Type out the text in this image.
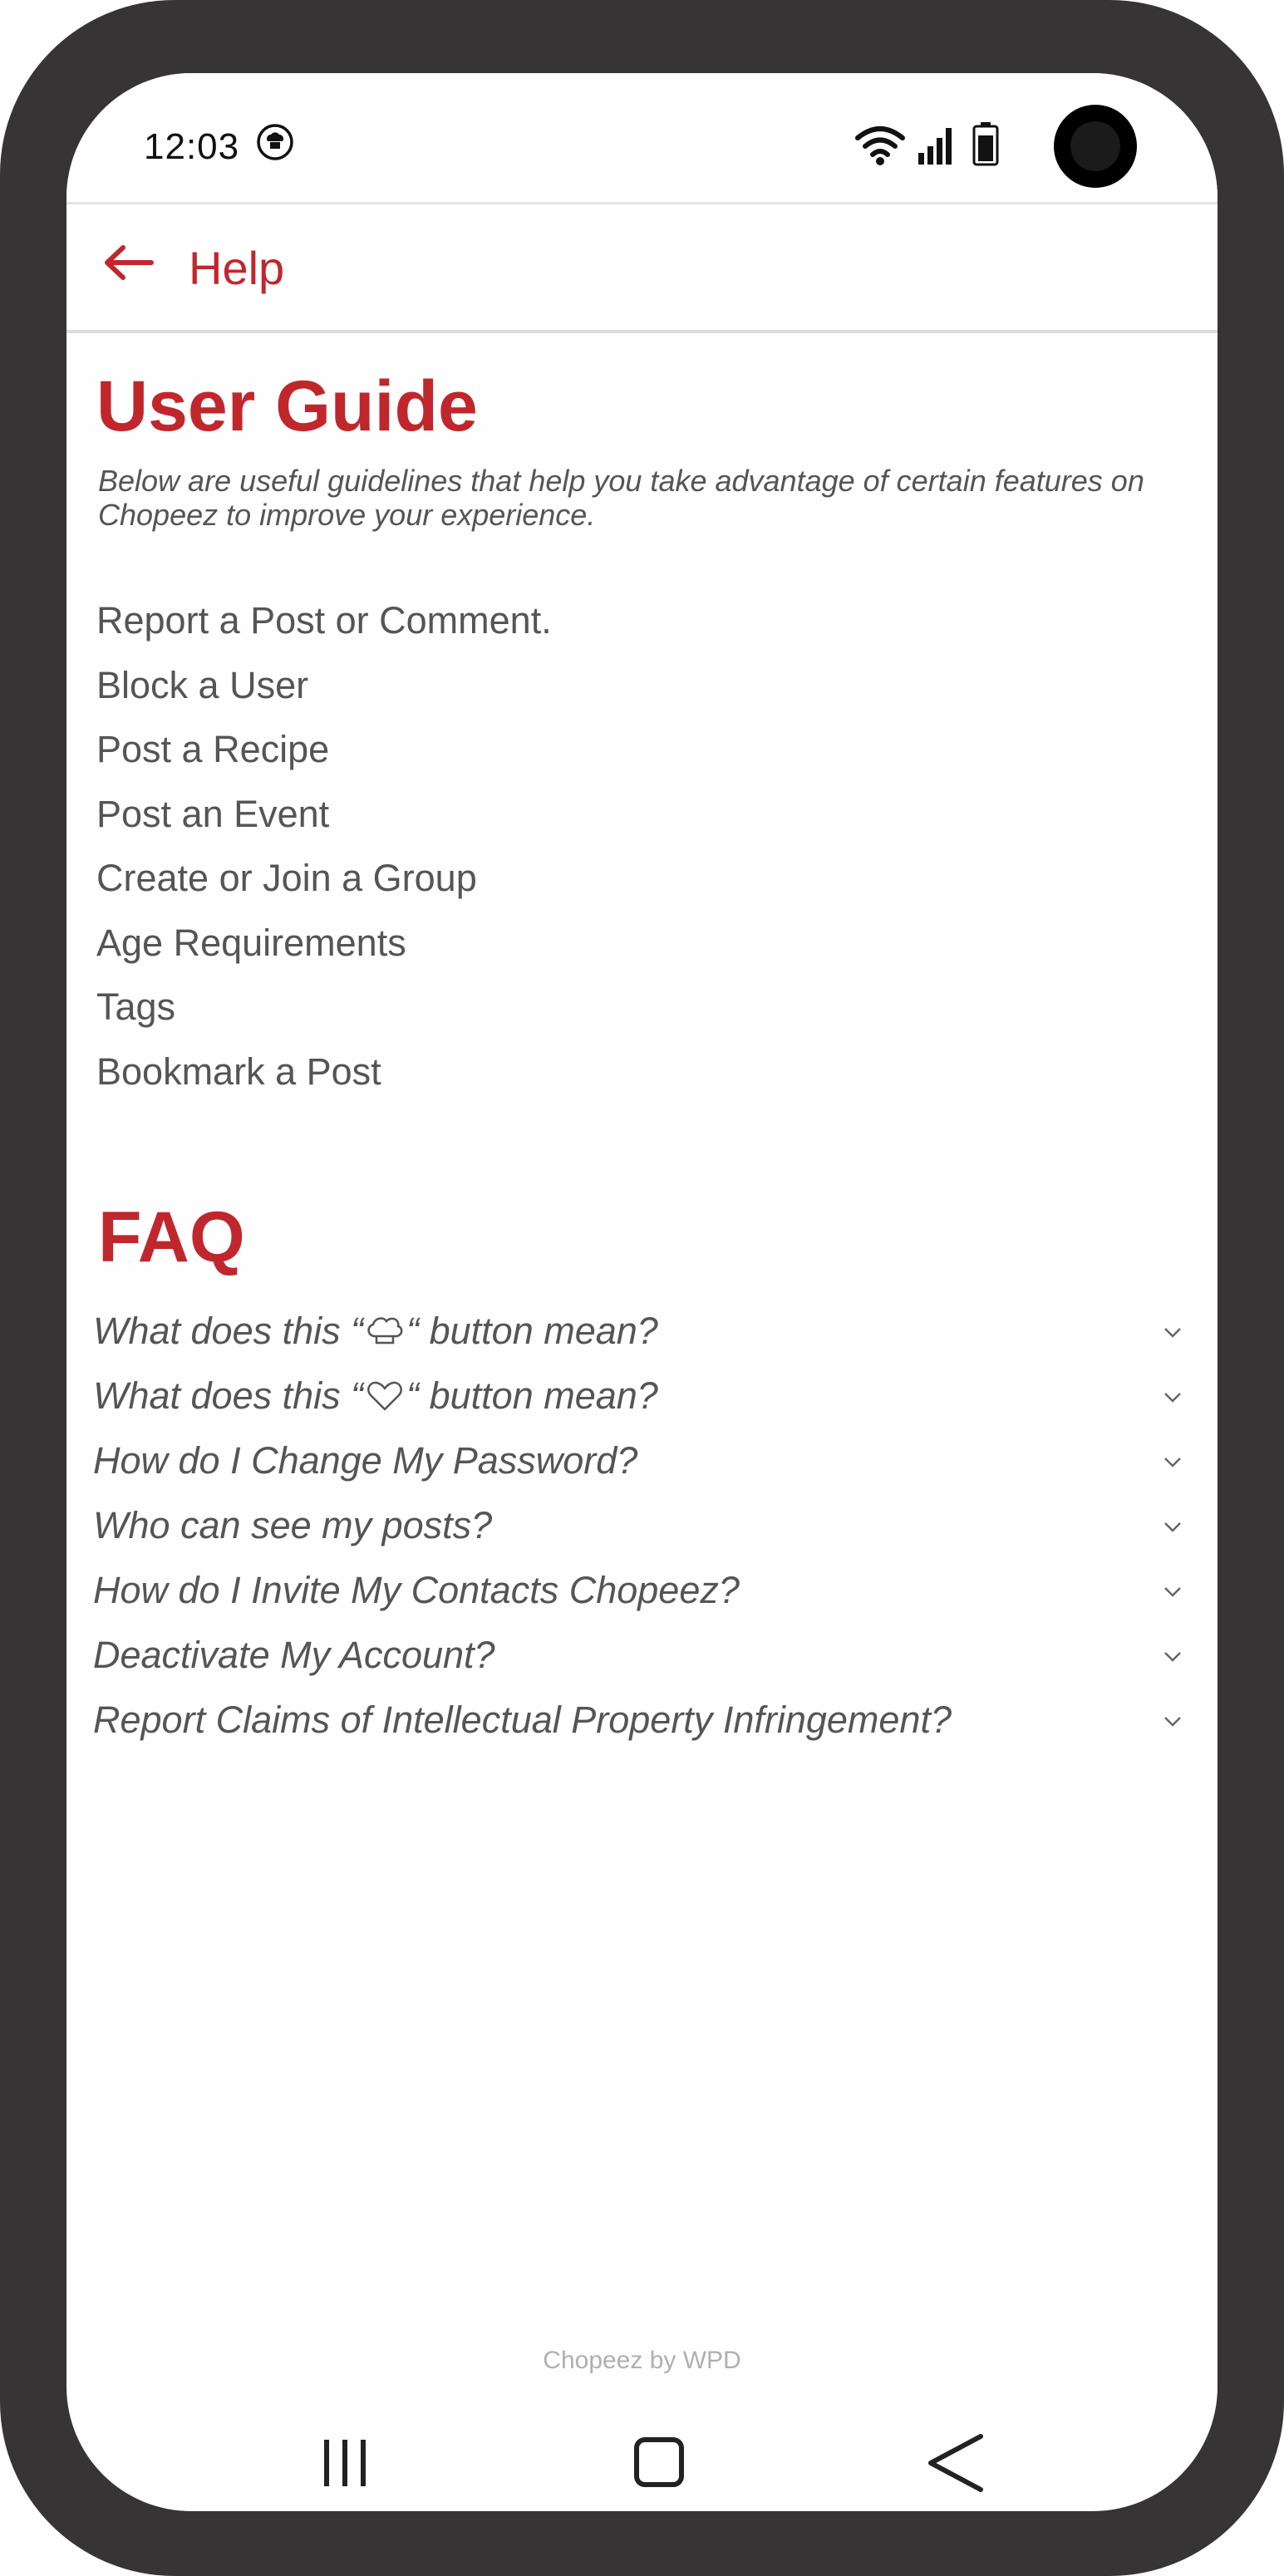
12:03
Help
User Guide

Below are useful guidelines that help you take advantage of certain features on Chopeez to improve your experience.

Report a Post or Comment.
Block a User
Post a Recipe
Post an Event
Create or Join a Group
Age Requirements
Tags
Bookmark a Post
FAQ
What does this “ “ button mean?
What does this “ “ button mean?
How do I Change My Password?
Who can see my posts?
How do I Invite My Contacts Chopeez?
Deactivate My Account?
Report Claims of Intellectual Property Infringement?
Chopeez by WPD
